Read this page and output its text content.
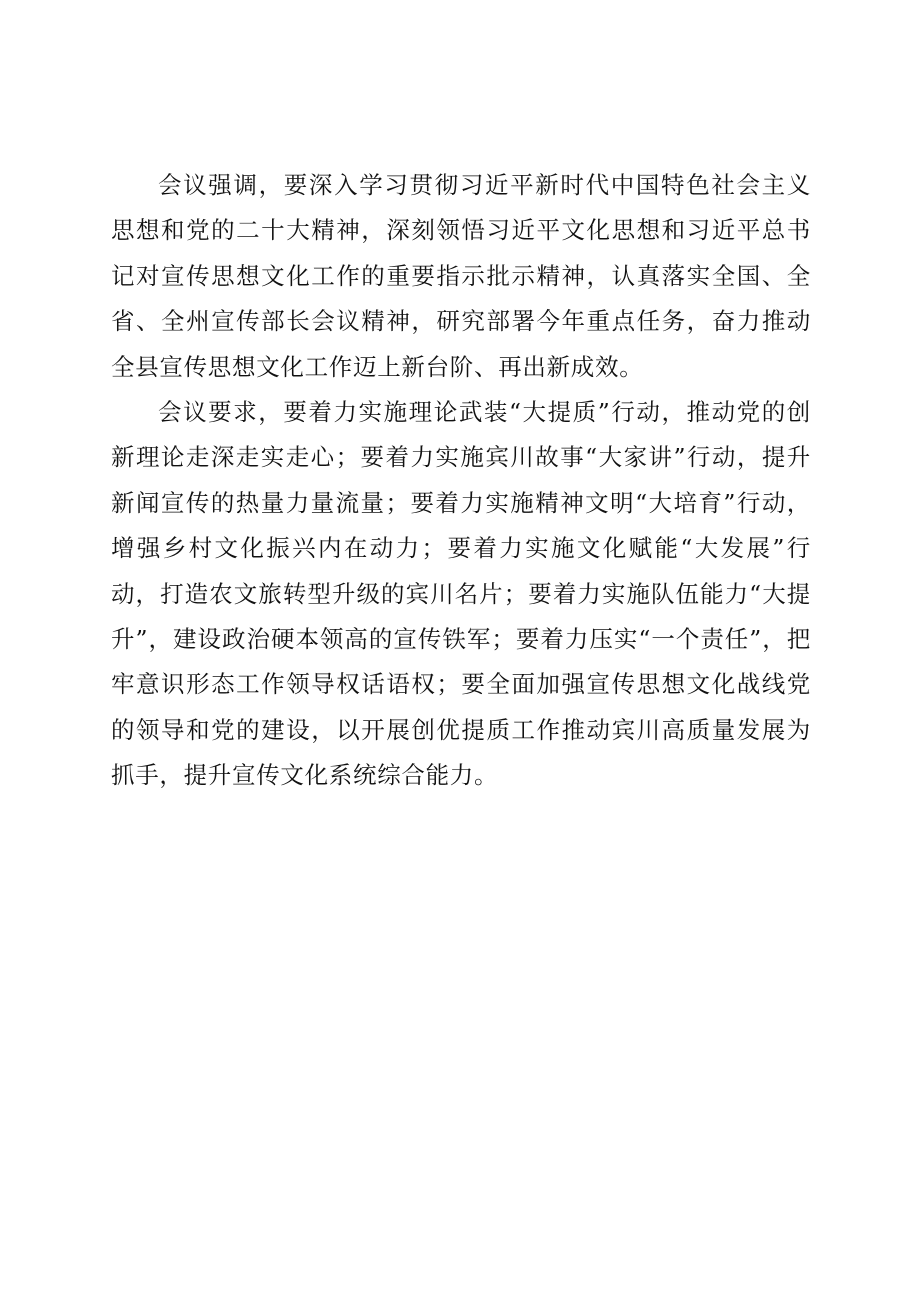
会议强调，要深入学习贯彻习近平新时代中国特色社会主义思想和党的二十大精神，深刻领悟习近平文化思想和习近平总书记对宣传思想文化工作的重要指示批示精神，认真落实全国、全省、全州宣传部长会议精神，研究部署今年重点任务，奋力推动全县宣传思想文化工作迈上新台阶、再出新成效。

会议要求，要着力实施理论武装“大提质”行动，推动党的创新理论走深走实走心；要着力实施宾川故事“大家讲”行动，提升新闻宣传的热量力量流量；要着力实施精神文明“大培育”行动，增强乡村文化振兴内在动力；要着力实施文化赋能“大发展”行动，打造农文旅转型升级的宾川名片；要着力实施队伍能力“大提升”，建设政治硬本领高的宣传铁军；要着力压实“一个责任”，把牢意识形态工作领导权话语权；要全面加强宣传思想文化战线党的领导和党的建设，以开展创优提质工作推动宾川高质量发展为抓手，提升宣传文化系统综合能力。
